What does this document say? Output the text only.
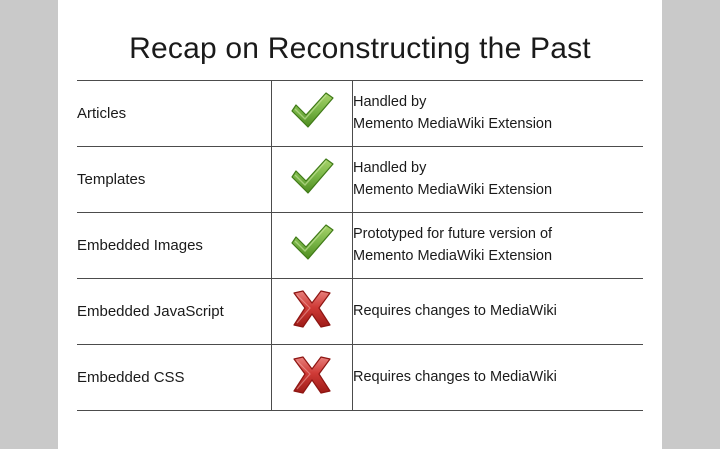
Recap on Reconstructing the Past
Articles		Handled by
Memento MediaWiki Extension

Templates		Handled by
Memento MediaWiki Extension

Embedded Images		Prototyped for future version of
Memento MediaWiki Extension

Embedded JavaScript		Requires changes to MediaWiki

Embedded CSS		Requires changes to MediaWiki
